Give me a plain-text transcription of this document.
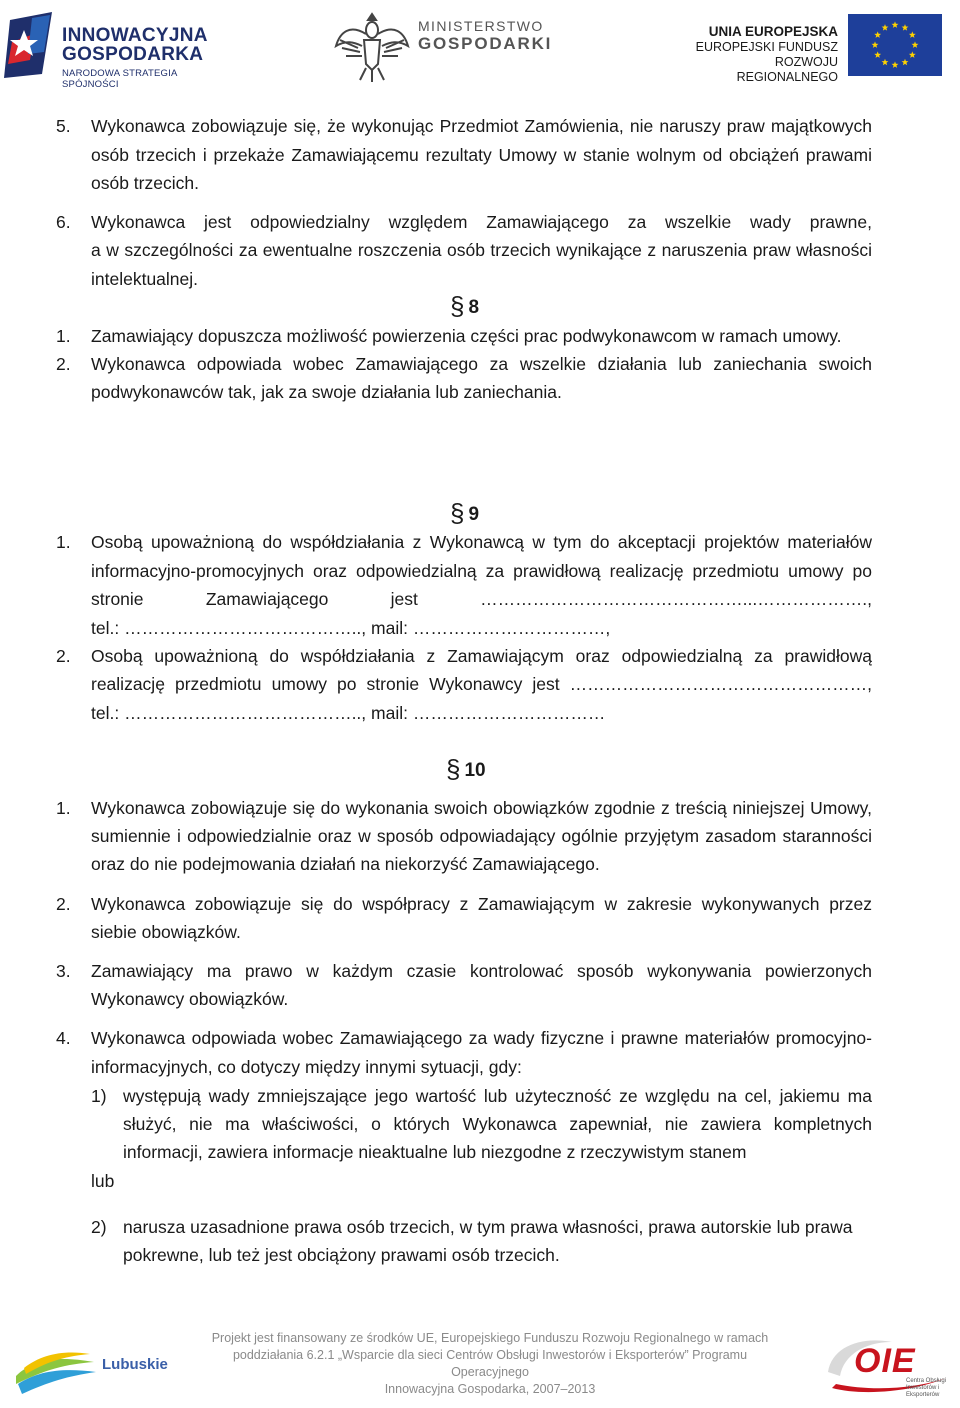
INNOWACYJNA
GOSPODARKA
NARODOWA STRATEGIA SPÓJNOŚCI
MINISTERSTWO
GOSPODARKI
UNIA EUROPEJSKA
EUROPEJSKI FUNDUSZ
ROZWOJU REGIONALNEGO
5. Wykonawca zobowiązuje się, że wykonując Przedmiot Zamówienia, nie naruszy praw majątkowych
osób trzecich i przekaże Zamawiającemu rezultaty Umowy w stanie wolnym od obciążeń prawami
osób trzecich.
6. Wykonawca jest odpowiedzialny względem Zamawiającego za wszelkie wady prawne,
a w szczególności za ewentualne roszczenia osób trzecich wynikające z naruszenia praw własności
intelektualnej.
§ 8
1. Zamawiający dopuszcza możliwość powierzenia części prac podwykonawcom w ramach umowy.
2. Wykonawca odpowiada wobec Zamawiającego za wszelkie działania lub zaniechania swoich
podwykonawców tak, jak za swoje działania lub zaniechania.
§ 9
1. Osobą upoważnioną do współdziałania z Wykonawcą w tym do akceptacji projektów materiałów
informacyjno-promocyjnych oraz odpowiedzialną za prawidłową realizację przedmiotu umowy po
stronie Zamawiającego jest ………………………………………...……………….,
tel.: ………………………………….., mail: ……………………………,
2. Osobą upoważnioną do współdziałania z Zamawiającym oraz odpowiedzialną za prawidłową
realizację przedmiotu umowy po stronie Wykonawcy jest ……………………………………………,
tel.: ………………………………….., mail: ……………………………
§ 10
1. Wykonawca zobowiązuje się do wykonania swoich obowiązków zgodnie z treścią niniejszej Umowy,
sumiennie i odpowiedzialnie oraz w sposób odpowiadający ogólnie przyjętym zasadom staranności
oraz do nie podejmowania działań na niekorzyść Zamawiającego.
2. Wykonawca zobowiązuje się do współpracy z Zamawiającym w zakresie wykonywanych przez
siebie obowiązków.
3. Zamawiający ma prawo w każdym czasie kontrolować sposób wykonywania powierzonych
Wykonawcy obowiązków.
4. Wykonawca odpowiada wobec Zamawiającego za wady fizyczne i prawne materiałów promocyjno-
informacyjnych, co dotyczy między innymi sytuacji, gdy:
1) występują wady zmniejszające jego wartość lub użyteczność ze względu na cel, jakiemu ma
służyć, nie ma właściwości, o których Wykonawca zapewniał, nie zawiera kompletnych
informacji, zawiera informacje nieaktualne lub niezgodne z rzeczywistym stanem
lub
2) narusza uzasadnione prawa osób trzecich, w tym prawa własności, prawa autorskie lub prawa
pokrewne, lub też jest obciążony prawami osób trzecich.
Lubuskie
Projekt jest finansowany ze środków UE, Europejskiego Funduszu Rozwoju Regionalnego w ramach
poddziałania 6.2.1 „Wsparcie dla sieci Centrów Obsługi Inwestorów i Eksporterów” Programu Operacyjnego
Innowacyjna Gospodarka, 2007–2013
OIE
Centra Obsługi Inwestorów i Eksporterów
